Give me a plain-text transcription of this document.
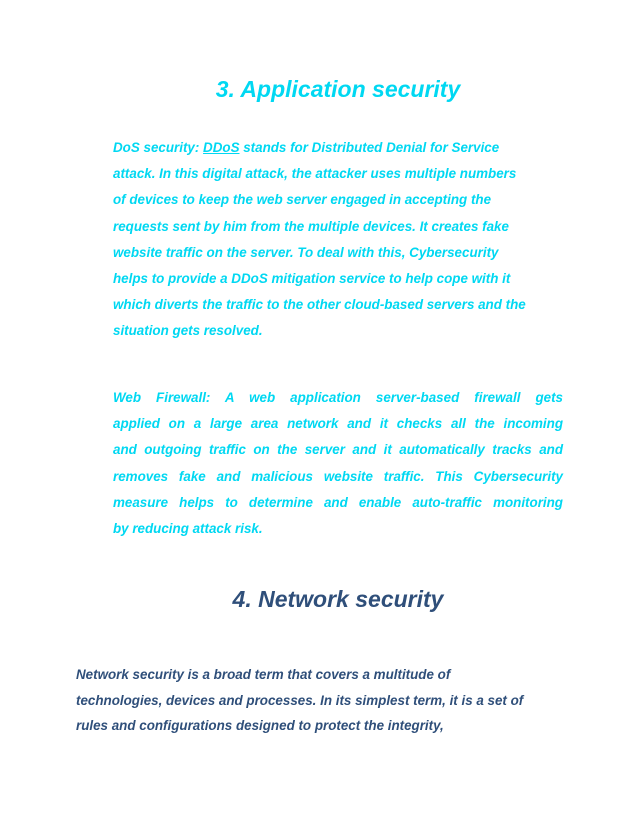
3. Application security
DoS security: DDoS stands for Distributed Denial for Service
attack. In this digital attack, the attacker uses multiple numbers
of devices to keep the web server engaged in accepting the
requests sent by him from the multiple devices. It creates fake
website traffic on the server. To deal with this, Cybersecurity
helps to provide a DDoS mitigation service to help cope with it
which diverts the traffic to the other cloud-based servers and the
situation gets resolved.
Web Firewall: A web application server-based firewall gets
applied on a large area network and it checks all the incoming
and outgoing traffic on the server and it automatically tracks and
removes fake and malicious website traffic. This Cybersecurity
measure helps to determine and enable auto-traffic monitoring
by reducing attack risk.
4. Network security
Network security is a broad term that covers a multitude of
technologies, devices and processes. In its simplest term, it is a set of
rules and configurations designed to protect the integrity,
